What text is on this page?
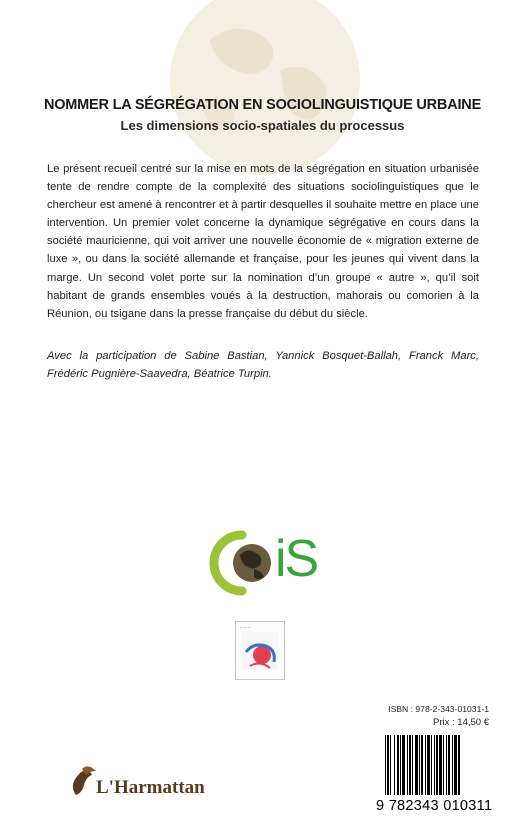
NOMMER LA SÉGRÉGATION EN SOCIOLINGUISTIQUE URBAINE
Les dimensions socio-spatiales du processus

Le présent recueil centré sur la mise en mots de la ségrégation en situation urbanisée tente de rendre compte de la complexité des situations sociolinguistiques que le chercheur est amené à rencontrer et à partir desquelles il souhaite mettre en place une intervention. Un premier volet concerne la dynamique ségrégative en cours dans la société mauricienne, qui voit arriver une nouvelle économie de « migration externe de luxe », ou dans la société allemande et française, pour les jeunes qui vivent dans la marge. Un second volet porte sur la nomination d’un groupe « autre », qu’il soit habitant de grands ensembles voués à la destruction, mahorais ou comorien à la Réunion, ou tsigane dans la presse française du début du siècle.

Avec la participation de Sabine Bastian, Yannick Bosquet-Ballah, Franck Marc, Frédéric Pugnière-Saavedra, Béatrice Turpin.

iS
~ ~ ~
ISBN : 978-2-343-01031-1
Prix : 14,50 €
9 782343 010311
L'Harmattan
